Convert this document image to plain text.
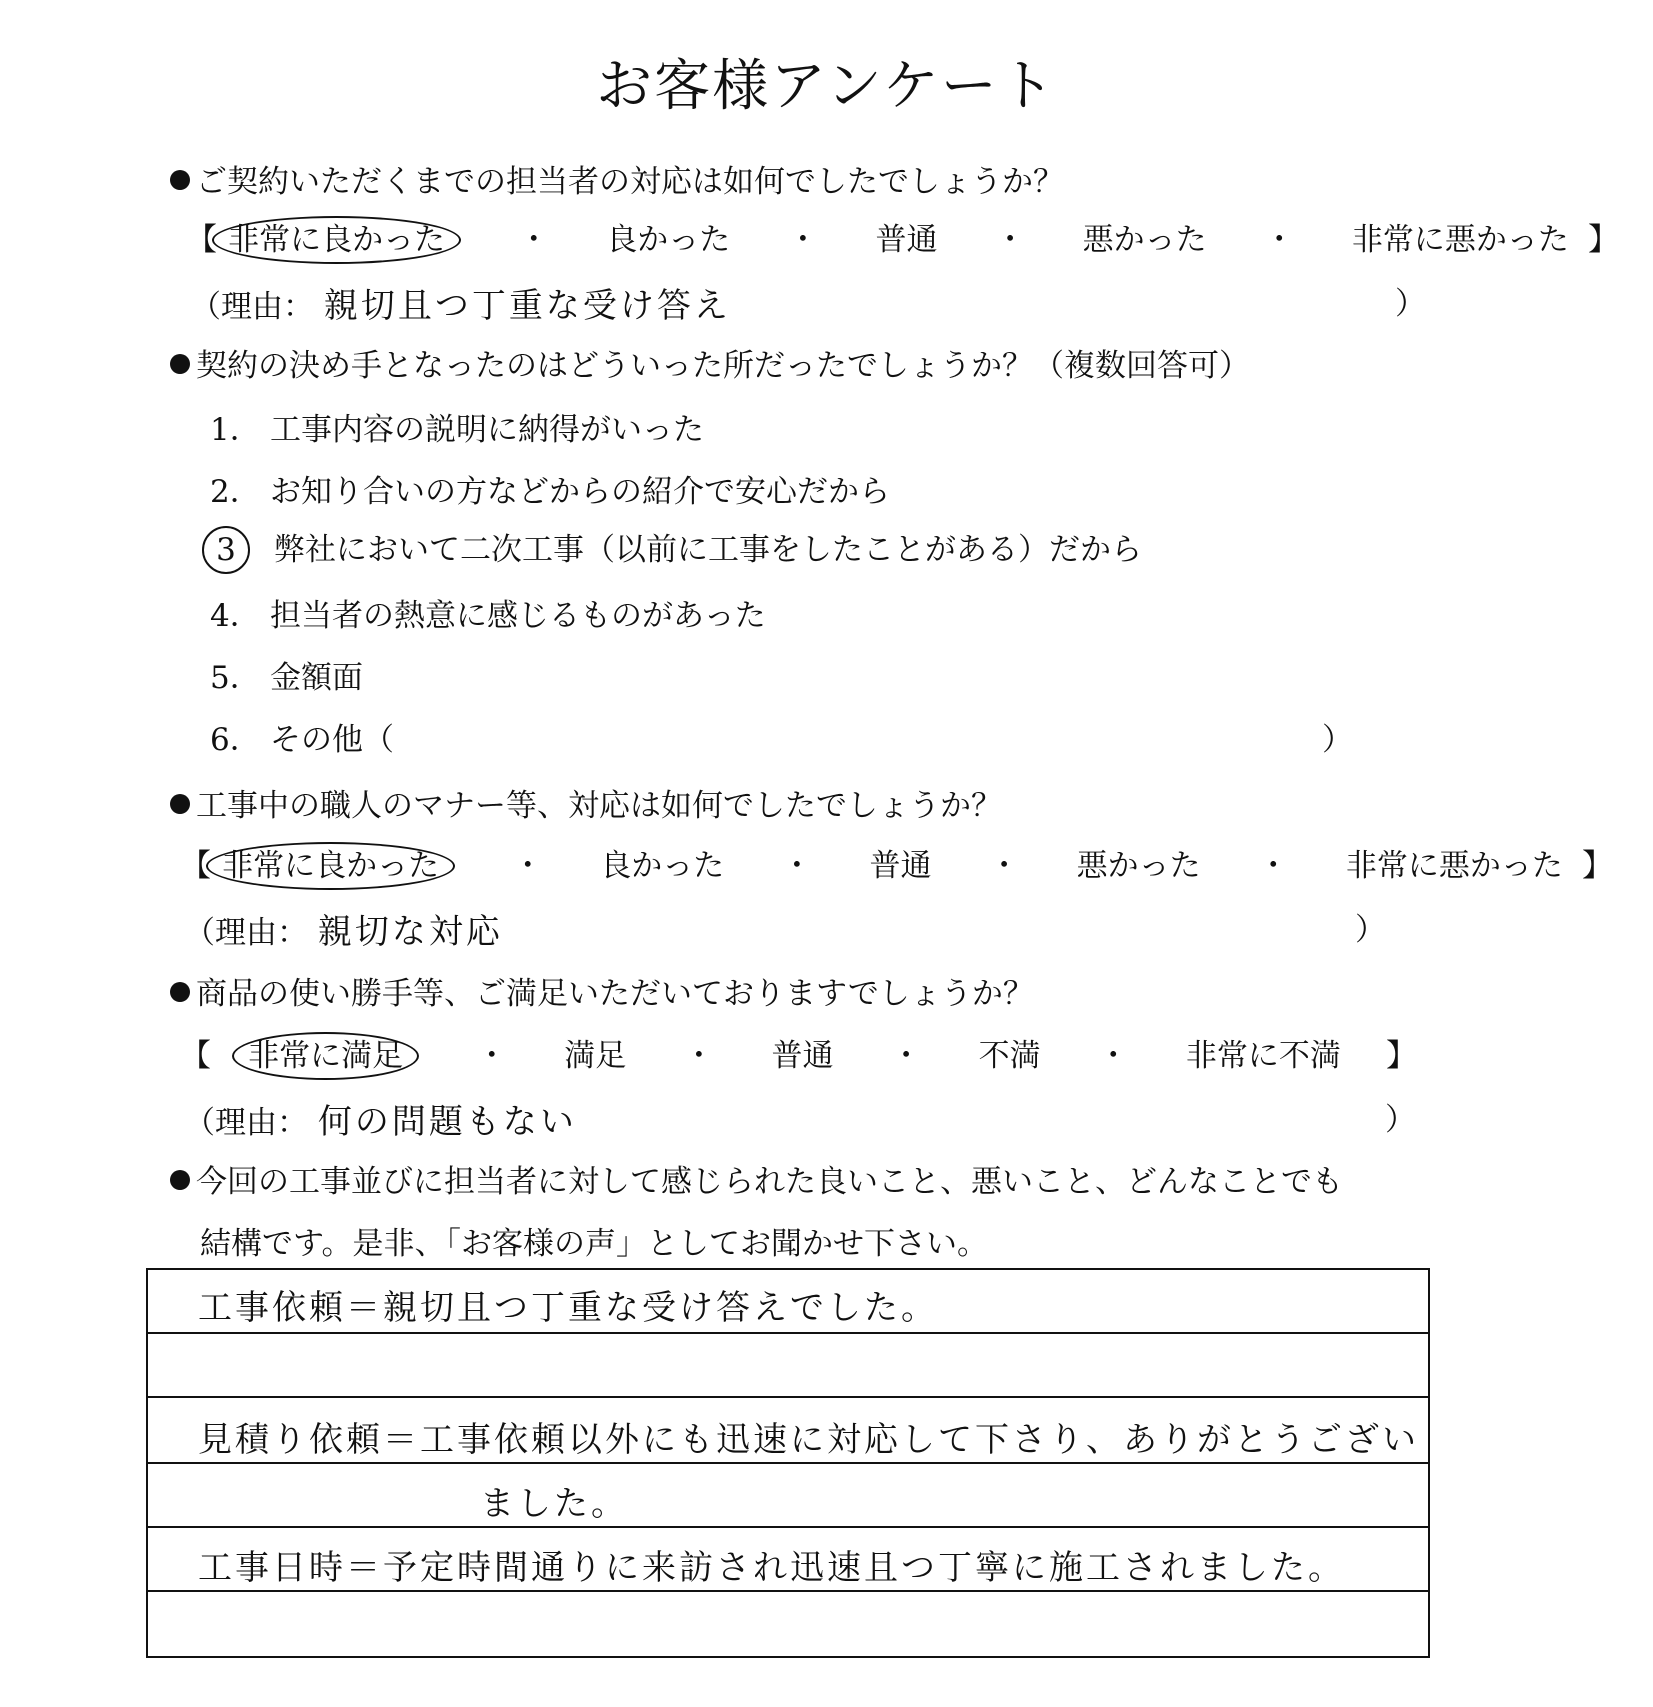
お客様アンケート
ご契約いただくまでの担当者の対応は如何でしたでしょうか？
【 非常に良かった ・ 良かった ・ 普通 ・ 悪かった ・ 非常に悪かった 】
（理由： 親切且つ丁重な受け答え	）
契約の決め手となったのはどういった所だったでしょうか？（複数回答可）
1． 工事内容の説明に納得がいった
2． お知り合いの方などからの紹介で安心だから
3 弊社において二次工事（以前に工事をしたことがある）だから
4． 担当者の熱意に感じるものがあった
5． 金額面
6． その他（	）
工事中の職人のマナー等、対応は如何でしたでしょうか？
【 非常に良かった ・ 良かった ・ 普通 ・ 悪かった ・ 非常に悪かった 】
（理由： 親切な対応	）
商品の使い勝手等、ご満足いただいておりますでしょうか？
【 非常に満足 ・ 満足 ・ 普通 ・ 不満 ・ 非常に不満 】
（理由： 何の問題もない	）
今回の工事並びに担当者に対して感じられた良いこと、悪いこと、どんなことでも
結構です。是非、「お客様の声」としてお聞かせ下さい。
工事依頼＝親切且つ丁重な受け答えでした。
見積り依頼＝工事依頼以外にも迅速に対応して下さり、ありがとうござい
ました。
工事日時＝予定時間通りに来訪され迅速且つ丁寧に施工されました。
